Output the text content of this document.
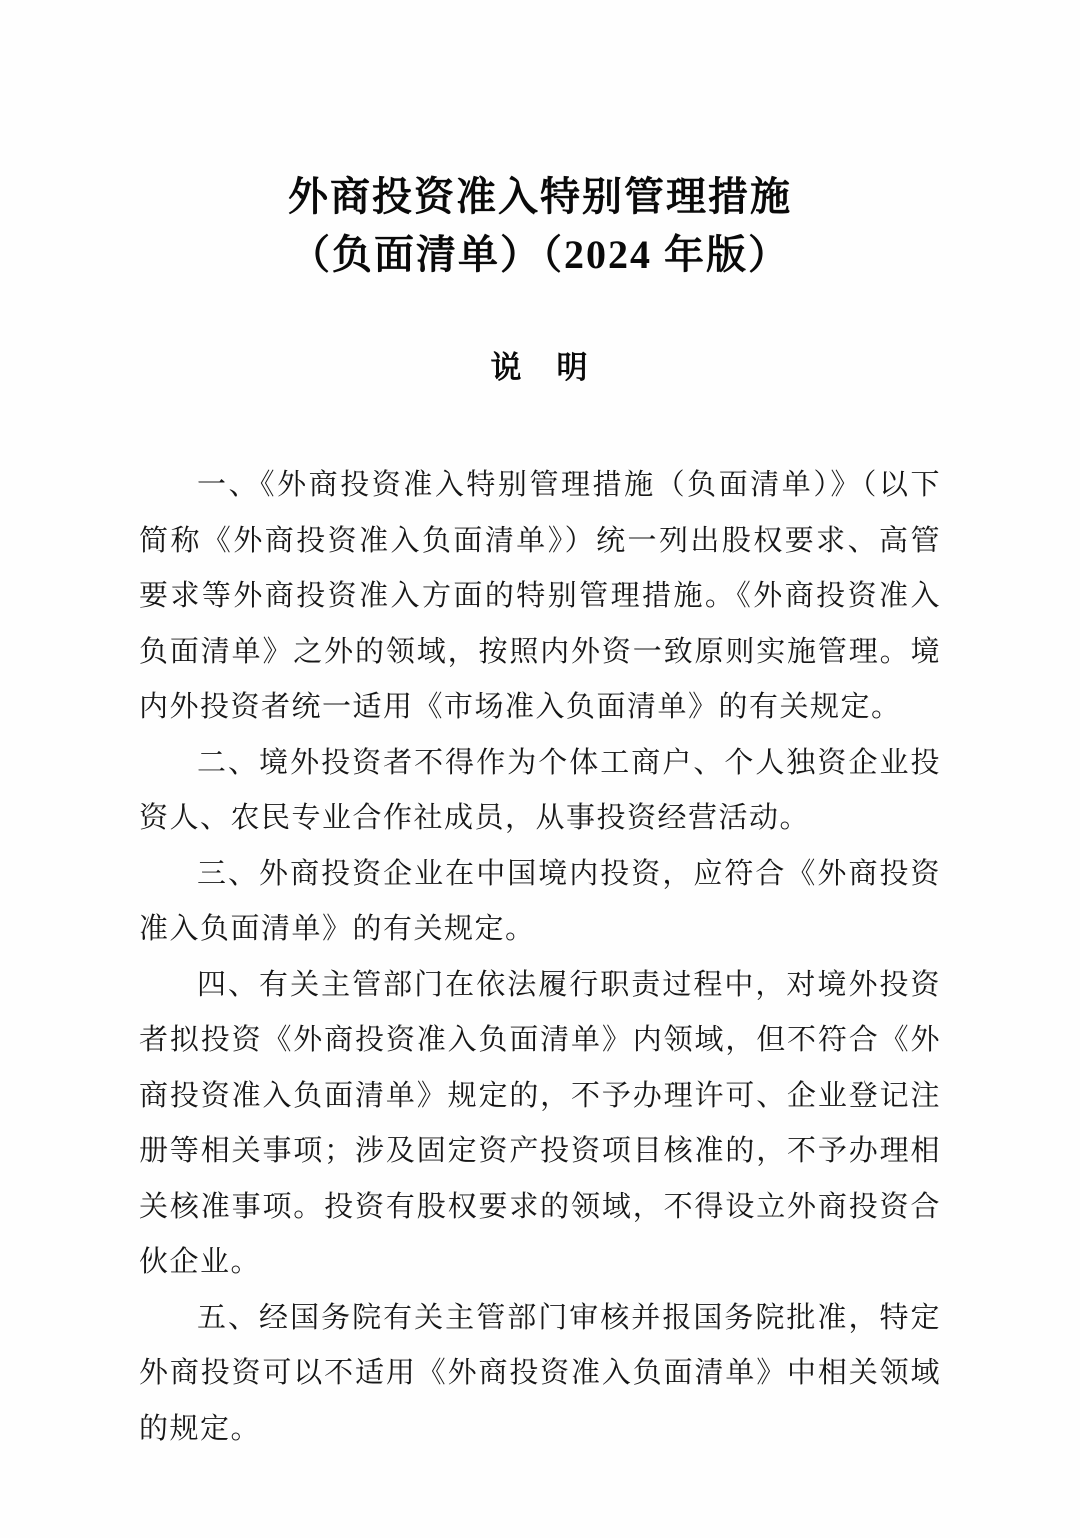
外商投资准入特别管理措施
（负面清单）（2024 年版）
说　明

一、《外商投资准入特别管理措施（负面清单）》（以下简称《外商投资准入负面清单》）统一列出股权要求、高管要求等外商投资准入方面的特别管理措施。《外商投资准入负面清单》之外的领域，按照内外资一致原则实施管理。境内外投资者统一适用《市场准入负面清单》的有关规定。

二、境外投资者不得作为个体工商户、个人独资企业投资人、农民专业合作社成员，从事投资经营活动。

三、外商投资企业在中国境内投资，应符合《外商投资准入负面清单》的有关规定。

四、有关主管部门在依法履行职责过程中，对境外投资者拟投资《外商投资准入负面清单》内领域，但不符合《外商投资准入负面清单》规定的，不予办理许可、企业登记注册等相关事项；涉及固定资产投资项目核准的，不予办理相关核准事项。投资有股权要求的领域，不得设立外商投资合伙企业。

五、经国务院有关主管部门审核并报国务院批准，特定外商投资可以不适用《外商投资准入负面清单》中相关领域的规定。
